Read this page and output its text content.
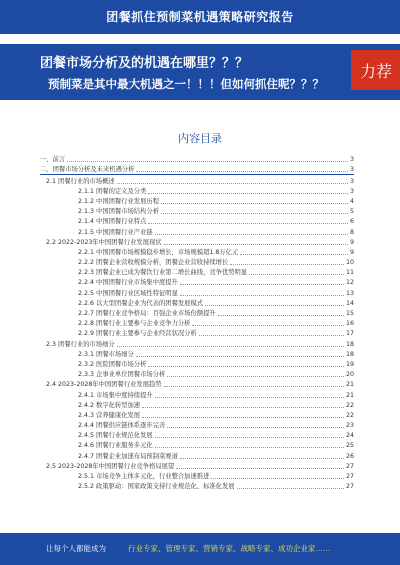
团餐抓住预制菜机遇策略研究报告
团餐市场分析及的机遇在哪里？？？
预制菜是其中最大机遇之一！！！但如何抓住呢？？？
力荐
内容目录
一、前言	3
二、团餐市场分析及未来机遇分析	3
2.1 团餐行业的市场概述	3
2.1.1 团餐的定义及分类	3
2.1.2 中国团餐行业发展历程	4
2.1.3 中国团餐市场结构分析	5
2.1.4 中国团餐行业特点	6
2.1.5 中国团餐行业产业链	8
2.2 2022-2023年中国团餐行业发展现状	9
2.2.1 中国团餐市场规模稳步增长，市场规模超1.8万亿元	9
2.2.2 团餐企业营收规模分析，团餐企业营收持续增长	10
2.2.3 团餐企业已成为餐饮行业第二增长曲线，竞争优势明显	11
2.2.4 中国团餐行业市场集中度提升	12
2.2.5 中国团餐行业区域性特征明显	13
2.2.6 以大型团餐企业为代表的团餐发展模式	14
2.2.7 团餐行业竞争格局：百强企业市场份额提升	15
2.2.8 团餐行业主要参与企业竞争力分析	16
2.2.9 团餐行业主要参与企业经营状况分析	17
2.3 团餐行业的市场细分	18
2.3.1 团餐市场细分	18
2.3.2 医院团餐市场分析	19
2.3.3 企事业单位团餐市场分析	20
2.4 2023-2028年中国团餐行业发展趋势	21
2.4.1 市场集中度持续提升	21
2.4.2 数字化转型加速	22
2.4.3 营养健康化发展	22
2.4.4 团餐供应链体系逐步完善	23
2.4.5 团餐行业规范化发展	24
2.4.6 团餐行业服务多元化	25
2.4.7 团餐企业加速布局预制菜赛道	26
2.5 2023-2028年中国团餐行业竞争格局展望	27
2.5.1 市场竞争主体多元化，行业整合加速推进	27
2.5.2 政策驱动：国家政策支持行业规范化、标准化发展	27
让每个人都能成为	行业专家、管理专家、营销专家、战略专家、成功企业家……
